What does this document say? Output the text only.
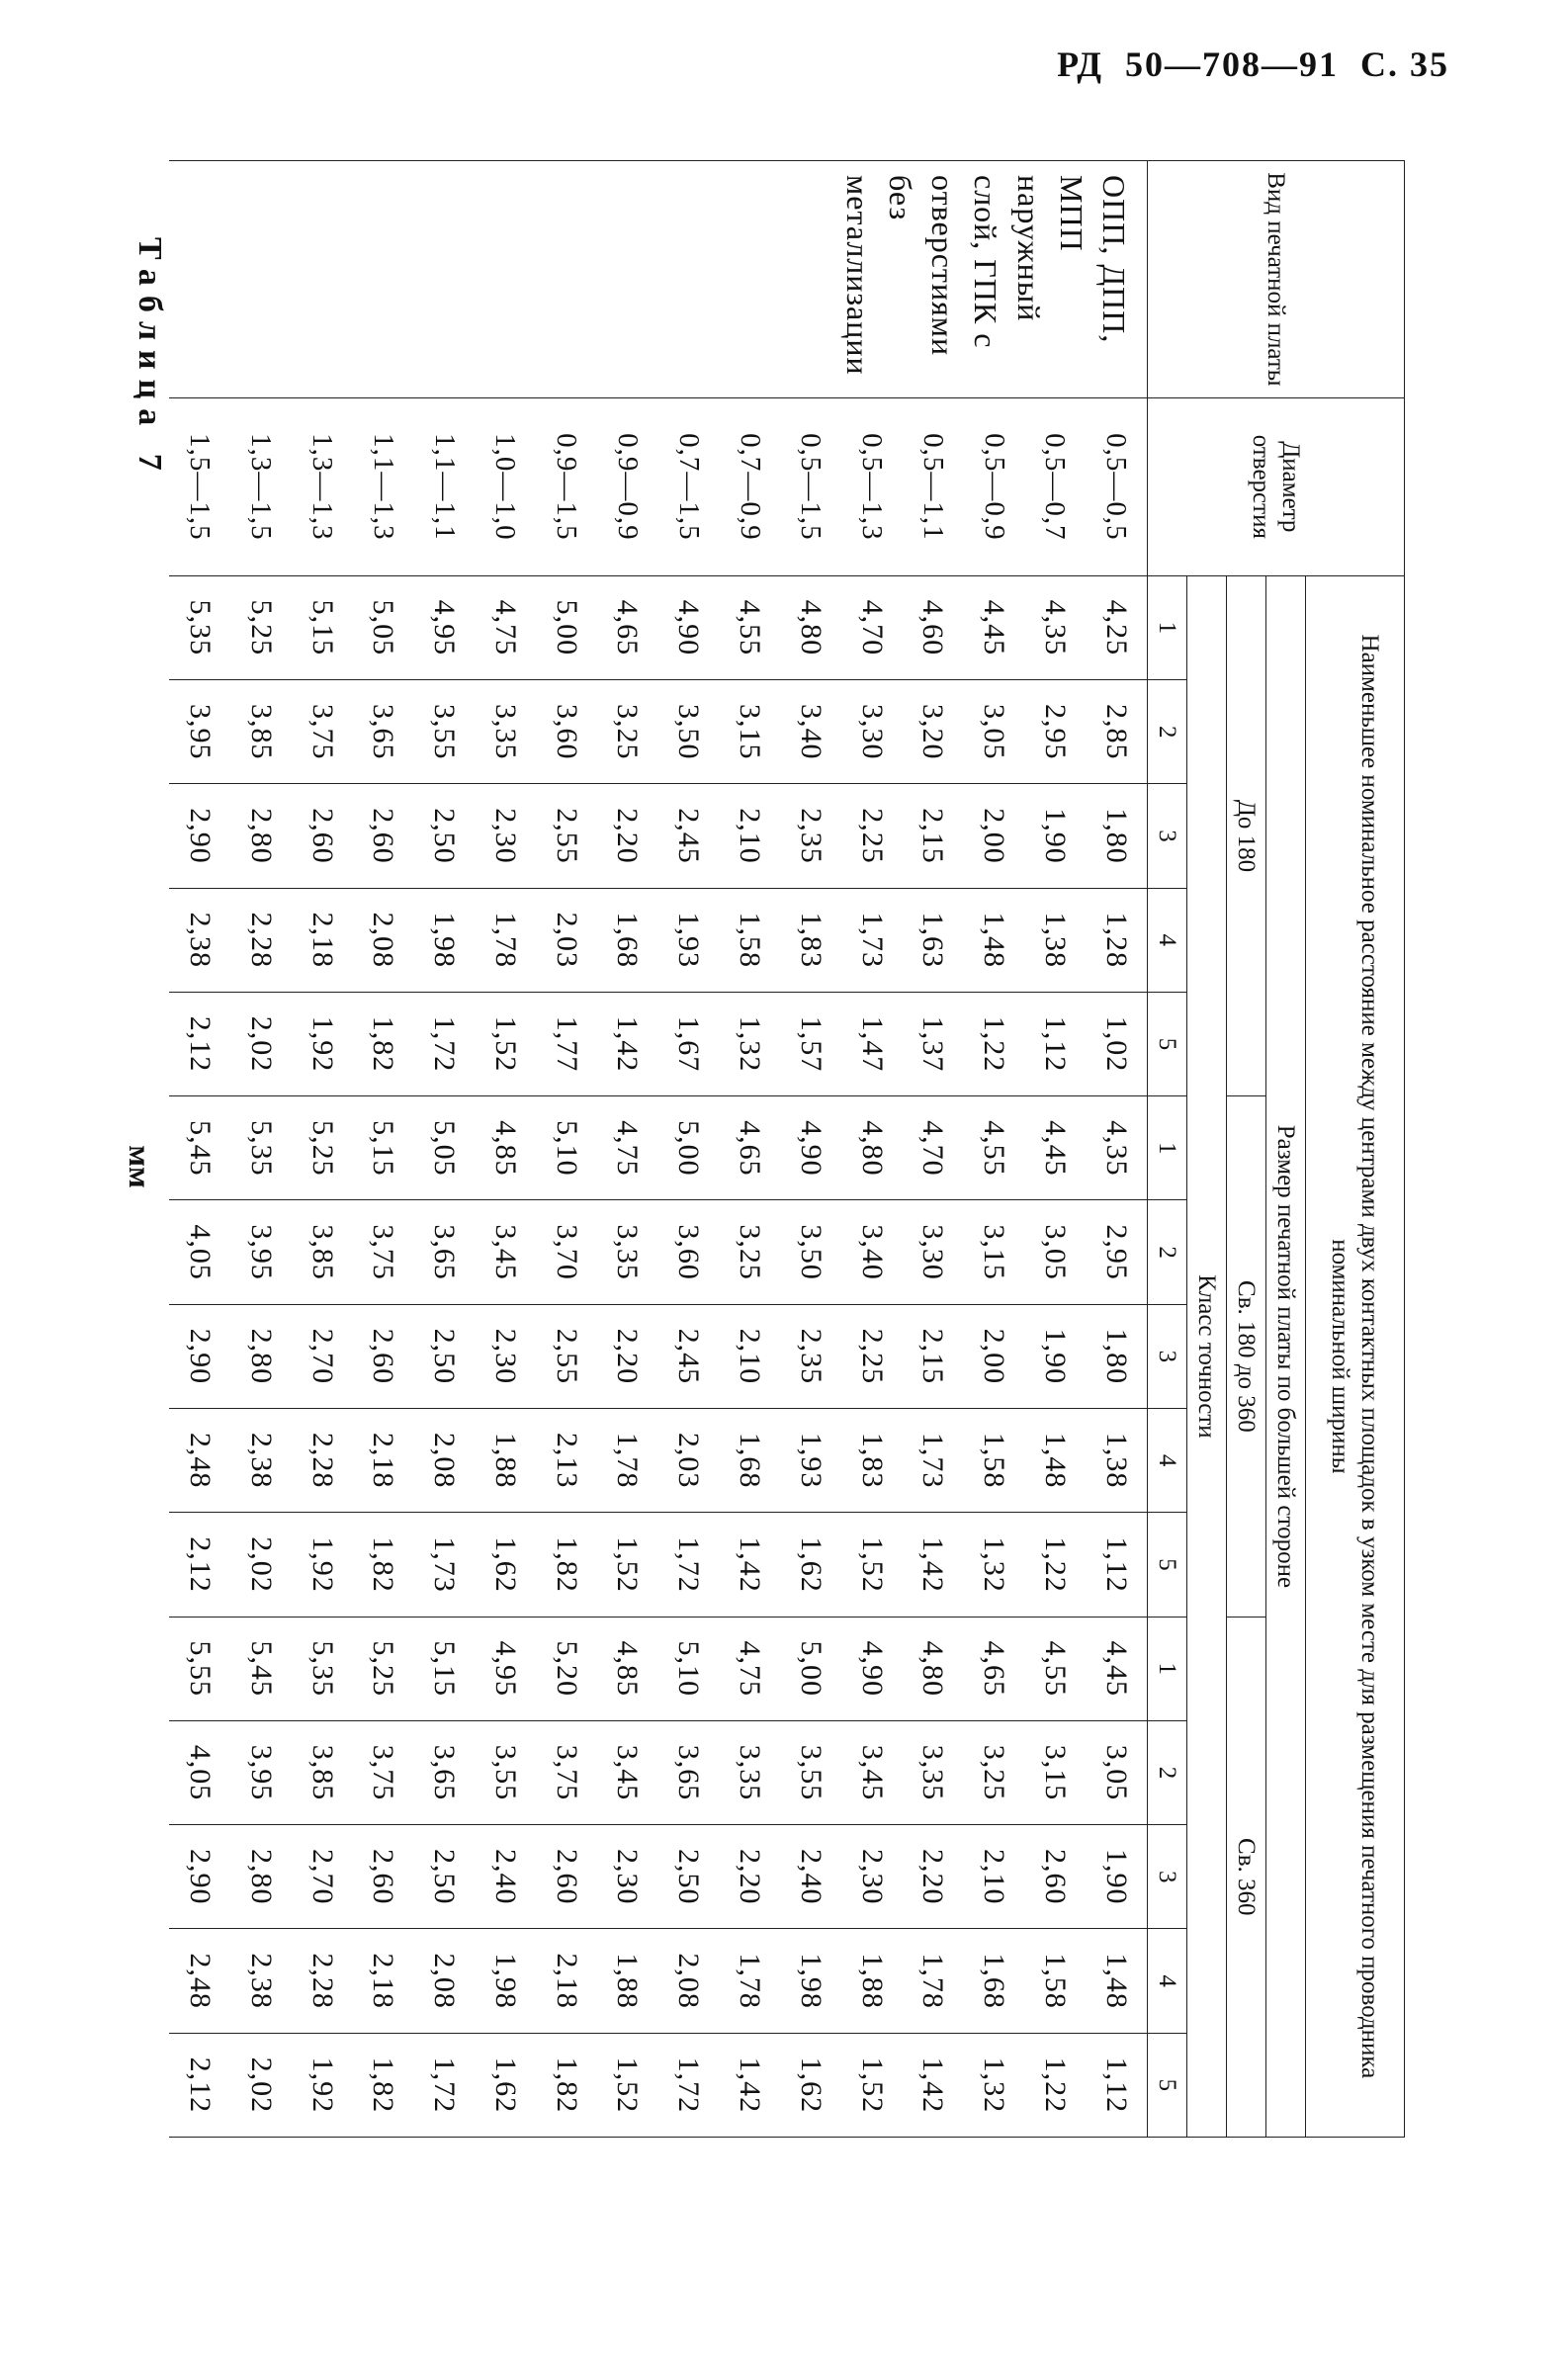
РД 50—708—91 С. 35
Таблица 7
мм
Вид печатной платы	Диаметр отверстия	Наименьшее номинальное расстояние между центрами двух контактных площадок в узком месте для размещения печатного проводника номинальной ширины														
		Размер печатной платы по большей стороне														
		До 180					Св. 180 до 360					Св. 360				
		Класс точности														
		1	2	3	4	5	1	2	3	4	5	1	2	3	4	5
ОПП, ДПП, МПП наружный слой, ГПК с отверстиями без металлизации	0,5—0,5	4,25	2,85	1,80	1,28	1,02	4,35	2,95	1,80	1,38	1,12	4,45	3,05	1,90	1,48	1,12
	0,5—0,7	4,35	2,95	1,90	1,38	1,12	4,45	3,05	1,90	1,48	1,22	4,55	3,15	2,60	1,58	1,22
	0,5—0,9	4,45	3,05	2,00	1,48	1,22	4,55	3,15	2,00	1,58	1,32	4,65	3,25	2,10	1,68	1,32
	0,5—1,1	4,60	3,20	2,15	1,63	1,37	4,70	3,30	2,15	1,73	1,42	4,80	3,35	2,20	1,78	1,42
	0,5—1,3	4,70	3,30	2,25	1,73	1,47	4,80	3,40	2,25	1,83	1,52	4,90	3,45	2,30	1,88	1,52
	0,5—1,5	4,80	3,40	2,35	1,83	1,57	4,90	3,50	2,35	1,93	1,62	5,00	3,55	2,40	1,98	1,62
	0,7—0,9	4,55	3,15	2,10	1,58	1,32	4,65	3,25	2,10	1,68	1,42	4,75	3,35	2,20	1,78	1,42
	0,7—1,5	4,90	3,50	2,45	1,93	1,67	5,00	3,60	2,45	2,03	1,72	5,10	3,65	2,50	2,08	1,72
	0,9—0,9	4,65	3,25	2,20	1,68	1,42	4,75	3,35	2,20	1,78	1,52	4,85	3,45	2,30	1,88	1,52
	0,9—1,5	5,00	3,60	2,55	2,03	1,77	5,10	3,70	2,55	2,13	1,82	5,20	3,75	2,60	2,18	1,82
	1,0—1,0	4,75	3,35	2,30	1,78	1,52	4,85	3,45	2,30	1,88	1,62	4,95	3,55	2,40	1,98	1,62
	1,1—1,1	4,95	3,55	2,50	1,98	1,72	5,05	3,65	2,50	2,08	1,73	5,15	3,65	2,50	2,08	1,72
	1,1—1,3	5,05	3,65	2,60	2,08	1,82	5,15	3,75	2,60	2,18	1,82	5,25	3,75	2,60	2,18	1,82
	1,3—1,3	5,15	3,75	2,60	2,18	1,92	5,25	3,85	2,70	2,28	1,92	5,35	3,85	2,70	2,28	1,92
	1,3—1,5	5,25	3,85	2,80	2,28	2,02	5,35	3,95	2,80	2,38	2,02	5,45	3,95	2,80	2,38	2,02
	1,5—1,5	5,35	3,95	2,90	2,38	2,12	5,45	4,05	2,90	2,48	2,12	5,55	4,05	2,90	2,48	2,12
